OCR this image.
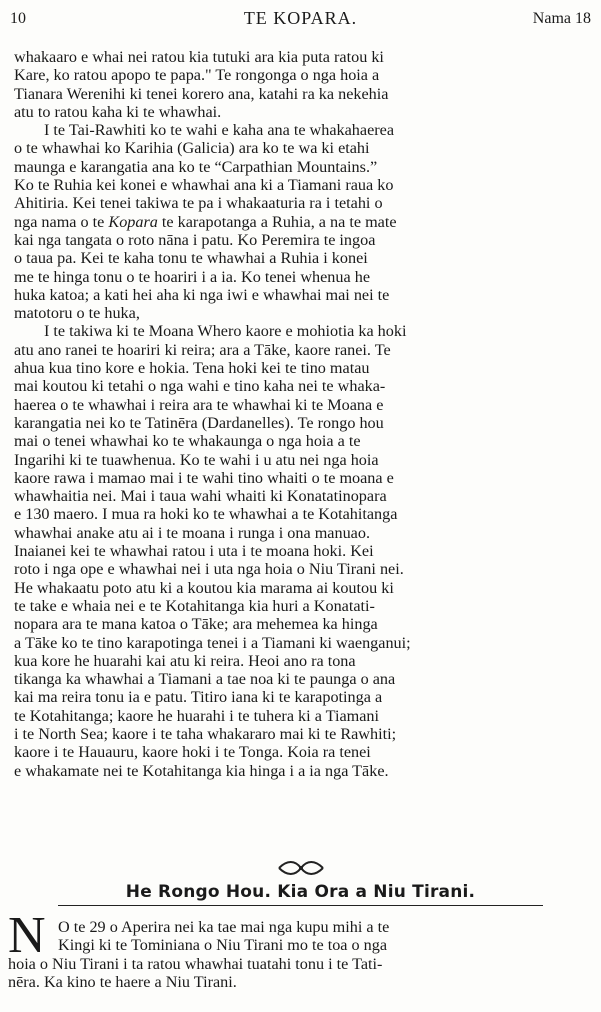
10	TE KOPARA.	Nama 18
whakaaro e whai nei ratou kia tutuki ara kia puta ratou ki
Kare, ko ratou apopo te papa." Te rongonga o nga hoia a
Tianara Werenihi ki tenei korero ana, katahi ra ka nekehia
atu to ratou kaha ki te whawhai.
I te Tai-Rawhiti ko te wahi e kaha ana te whakahaerea
o te whawhai ko Karihia (Galicia) ara ko te wa ki etahi
maunga e karangatia ana ko te “Carpathian Mountains.”
Ko te Ruhia kei konei e whawhai ana ki a Tiamani raua ko
Ahitiria. Kei tenei takiwa te pa i whakaaturia ra i tetahi o
nga nama o te Kopara te karapotanga a Ruhia, a na te mate
kai nga tangata o roto nāna i patu. Ko Peremira te ingoa
o taua pa. Kei te kaha tonu te whawhai a Ruhia i konei
me te hinga tonu o te hoariri i a ia. Ko tenei whenua he
huka katoa; a kati hei aha ki nga iwi e whawhai mai nei te
matotoru o te huka,
I te takiwa ki te Moana Whero kaore e mohiotia ka hoki
atu ano ranei te hoariri ki reira; ara a Tāke, kaore ranei. Te
ahua kua tino kore e hokia. Tena hoki kei te tino matau
mai koutou ki tetahi o nga wahi e tino kaha nei te whaka-
haerea o te whawhai i reira ara te whawhai ki te Moana e
karangatia nei ko te Tatinēra (Dardanelles). Te rongo hou
mai o tenei whawhai ko te whakaunga o nga hoia a te
Ingarihi ki te tuawhenua. Ko te wahi i u atu nei nga hoia
kaore rawa i mamao mai i te wahi tino whaiti o te moana e
whawhaitia nei. Mai i taua wahi whaiti ki Konatatinopara
e 130 maero. I mua ra hoki ko te whawhai a te Kotahitanga
whawhai anake atu ai i te moana i runga i ona manuao.
Inaianei kei te whawhai ratou i uta i te moana hoki. Kei
roto i nga ope e whawhai nei i uta nga hoia o Niu Tirani nei.
He whakaatu poto atu ki a koutou kia marama ai koutou ki
te take e whaia nei e te Kotahitanga kia huri a Konatati-
nopara ara te mana katoa o Tāke; ara mehemea ka hinga
a Tāke ko te tino karapotinga tenei i a Tiamani ki waenganui;
kua kore he huarahi kai atu ki reira. Heoi ano ra tona
tikanga ka whawhai a Tiamani a tae noa ki te paunga o ana
kai ma reira tonu ia e patu. Titiro iana ki te karapotinga a
te Kotahitanga; kaore he huarahi i te tuhera ki a Tiamani
i te North Sea; kaore i te taha whakararo mai ki te Rawhiti;
kaore i te Hauauru, kaore hoki i te Tonga. Koia ra tenei
e whakamate nei te Kotahitanga kia hinga i a ia nga Tāke.
He Rongo Hou. Kia Ora a Niu Tirani.
N O te 29 o Aperira nei ka tae mai nga kupu mihi a te
Kingi ki te Tominiana o Niu Tirani mo te toa o nga
hoia o Niu Tirani i ta ratou whawhai tuatahi tonu i te Tati-
nēra. Ka kino te haere a Niu Tirani.
